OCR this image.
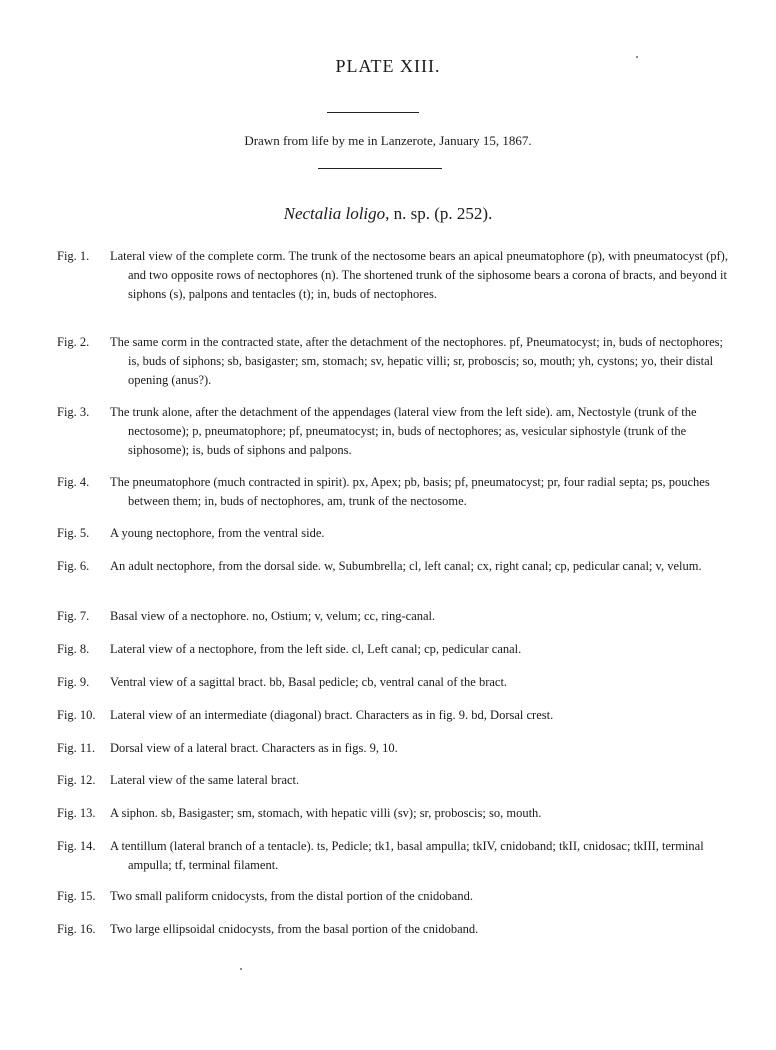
PLATE XIII.
Drawn from life by me in Lanzerote, January 15, 1867.
Nectalia loligo, n. sp. (p. 252).
Fig. 1.	Lateral view of the complete corm. The trunk of the nectosome bears an apical pneumatophore (p), with pneumatocyst (pf), and two opposite rows of nectophores (n). The shortened trunk of the siphosome bears a corona of bracts, and beyond it siphons (s), palpons and tentacles (t); in, buds of nectophores.
Fig. 2.	The same corm in the contracted state, after the detachment of the nectophores. pf, Pneumatocyst; in, buds of nectophores; is, buds of siphons; sb, basigaster; sm, stomach; sv, hepatic villi; sr, proboscis; so, mouth; yh, cystons; yo, their distal opening (anus?).
Fig. 3.	The trunk alone, after the detachment of the appendages (lateral view from the left side). am, Nectostyle (trunk of the nectosome); p, pneumatophore; pf, pneumatocyst; in, buds of nectophores; as, vesicular siphostyle (trunk of the siphosome); is, buds of siphons and palpons.
Fig. 4.	The pneumatophore (much contracted in spirit). px, Apex; pb, basis; pf, pneumatocyst; pr, four radial septa; ps, pouches between them; in, buds of nectophores, am, trunk of the nectosome.
Fig. 5.	A young nectophore, from the ventral side.
Fig. 6.	An adult nectophore, from the dorsal side. w, Subumbrella; cl, left canal; cx, right canal; cp, pedicular canal; v, velum.
Fig. 7.	Basal view of a nectophore. no, Ostium; v, velum; cc, ring-canal.
Fig. 8.	Lateral view of a nectophore, from the left side. cl, Left canal; cp, pedicular canal.
Fig. 9.	Ventral view of a sagittal bract. bb, Basal pedicle; cb, ventral canal of the bract.
Fig. 10.	Lateral view of an intermediate (diagonal) bract. Characters as in fig. 9. bd, Dorsal crest.
Fig. 11.	Dorsal view of a lateral bract. Characters as in figs. 9, 10.
Fig. 12.	Lateral view of the same lateral bract.
Fig. 13.	A siphon. sb, Basigaster; sm, stomach, with hepatic villi (sv); sr, proboscis; so, mouth.
Fig. 14.	A tentillum (lateral branch of a tentacle). ts, Pedicle; tk1, basal ampulla; tkIV, cnidoband; tkII, cnidosac; tkIII, terminal ampulla; tf, terminal filament.
Fig. 15.	Two small paliform cnidocysts, from the distal portion of the cnidoband.
Fig. 16.	Two large ellipsoidal cnidocysts, from the basal portion of the cnidoband.
